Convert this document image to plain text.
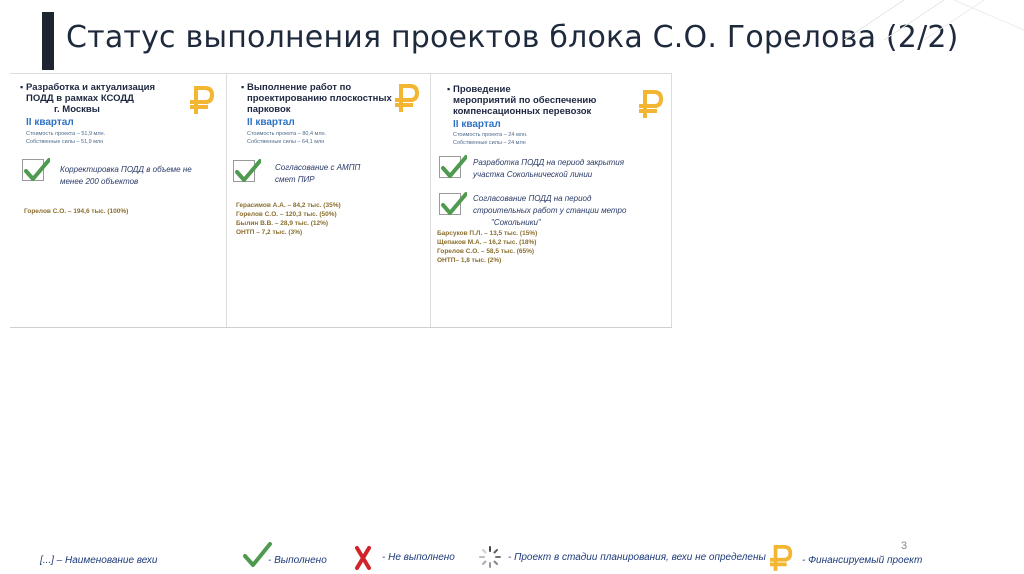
Статус выполнения проектов блока С.О. Горелова (2/2)
▪ Разработка и актуализация
ПОДД в рамках КСОДД
г. Москвы
II квартал
Стоимость проекта – 51,9 млн.
Собственные силы – 51,9 млн
Корректировка ПОДД в объеме не
менее 200 объектов
Горелов С.О. – 194,6 тыс. (100%)
▪ Выполнение работ по
проектированию плоскостных
парковок
II квартал
Стоимость проекта – 80,4 млн.
Собственные силы – 64,1 млн
Согласование с АМПП
смет ПИР
Герасимов А.А. – 84,2 тыс. (35%)
Горелов С.О. – 120,3 тыс. (50%)
Былин В.В. – 28,9 тыс. (12%)
ОНТП – 7,2 тыс. (3%)
▪ Проведение
мероприятий по обеспечению
компенсационных перевозок
II квартал
Стоимость проекта – 24 млн.
Собственные силы – 24 млн
Разработка ПОДД на период закрытия
участка Сокольнической линии
Согласование ПОДД на период
строительных работ у станции метро
"Сокольники"
Барсуков П.Л. – 13,5 тыс. (15%)
Щепаков М.А. – 16,2 тыс. (18%)
Горелов С.О. – 58,5 тыс. (65%)
ОНТП– 1,8 тыс. (2%)
3
[...] – Наименование вехи	- Выполнено	- Не выполнено	- Проект в стадии планирования, вехи не определены	- Финансируемый проект
